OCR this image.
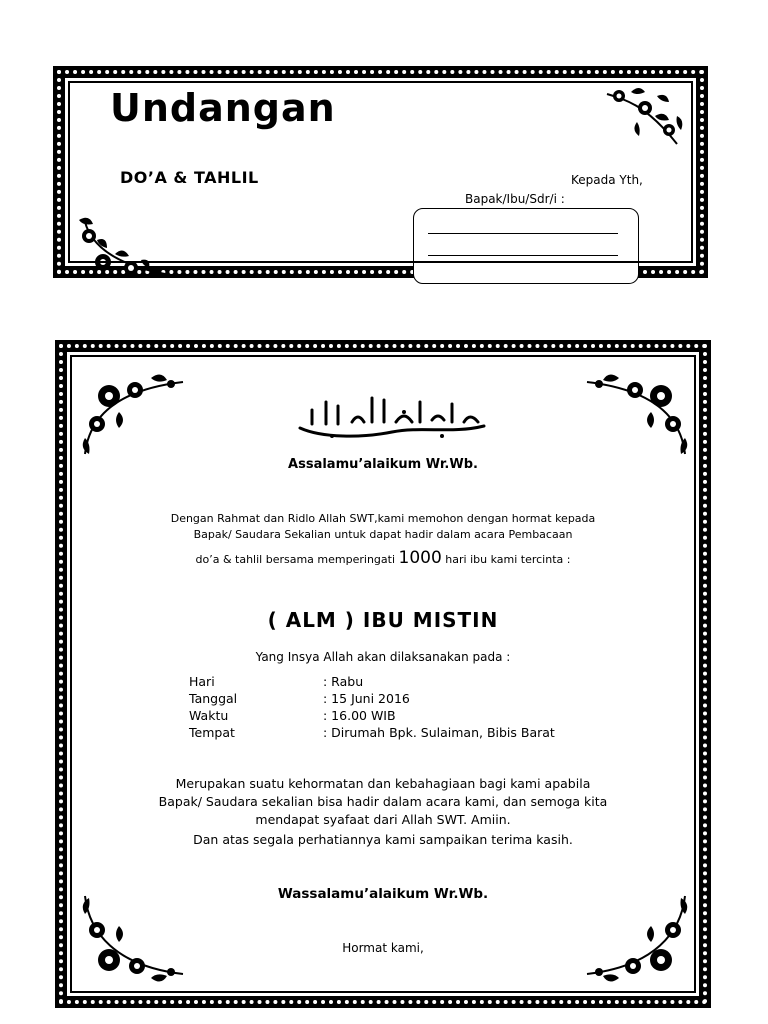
Undangan
DO’A & TAHLIL	Kepada Yth,
Bapak/Ibu/Sdr/i :
Assalamu’alaikum Wr.Wb.
Dengan Rahmat dan Ridlo Allah SWT,kami memohon dengan hormat kepada
Bapak/ Saudara Sekalian untuk dapat hadir dalam acara Pembacaan
do’a & tahlil bersama memperingati 1000 hari ibu kami tercinta :
( ALM ) IBU MISTIN
Yang Insya Allah akan dilaksanakan pada :
Hari	: Rabu
Tanggal	: 15 Juni 2016
Waktu	: 16.00 WIB
Tempat	: Dirumah Bpk. Sulaiman, Bibis Barat
Merupakan suatu kehormatan dan kebahagiaan bagi kami apabila
Bapak/ Saudara sekalian bisa hadir dalam acara kami, dan semoga kita
mendapat syafaat dari Allah SWT. Amiin.
Dan atas segala perhatiannya kami sampaikan terima kasih.
Wassalamu’alaikum Wr.Wb.
Hormat kami,
